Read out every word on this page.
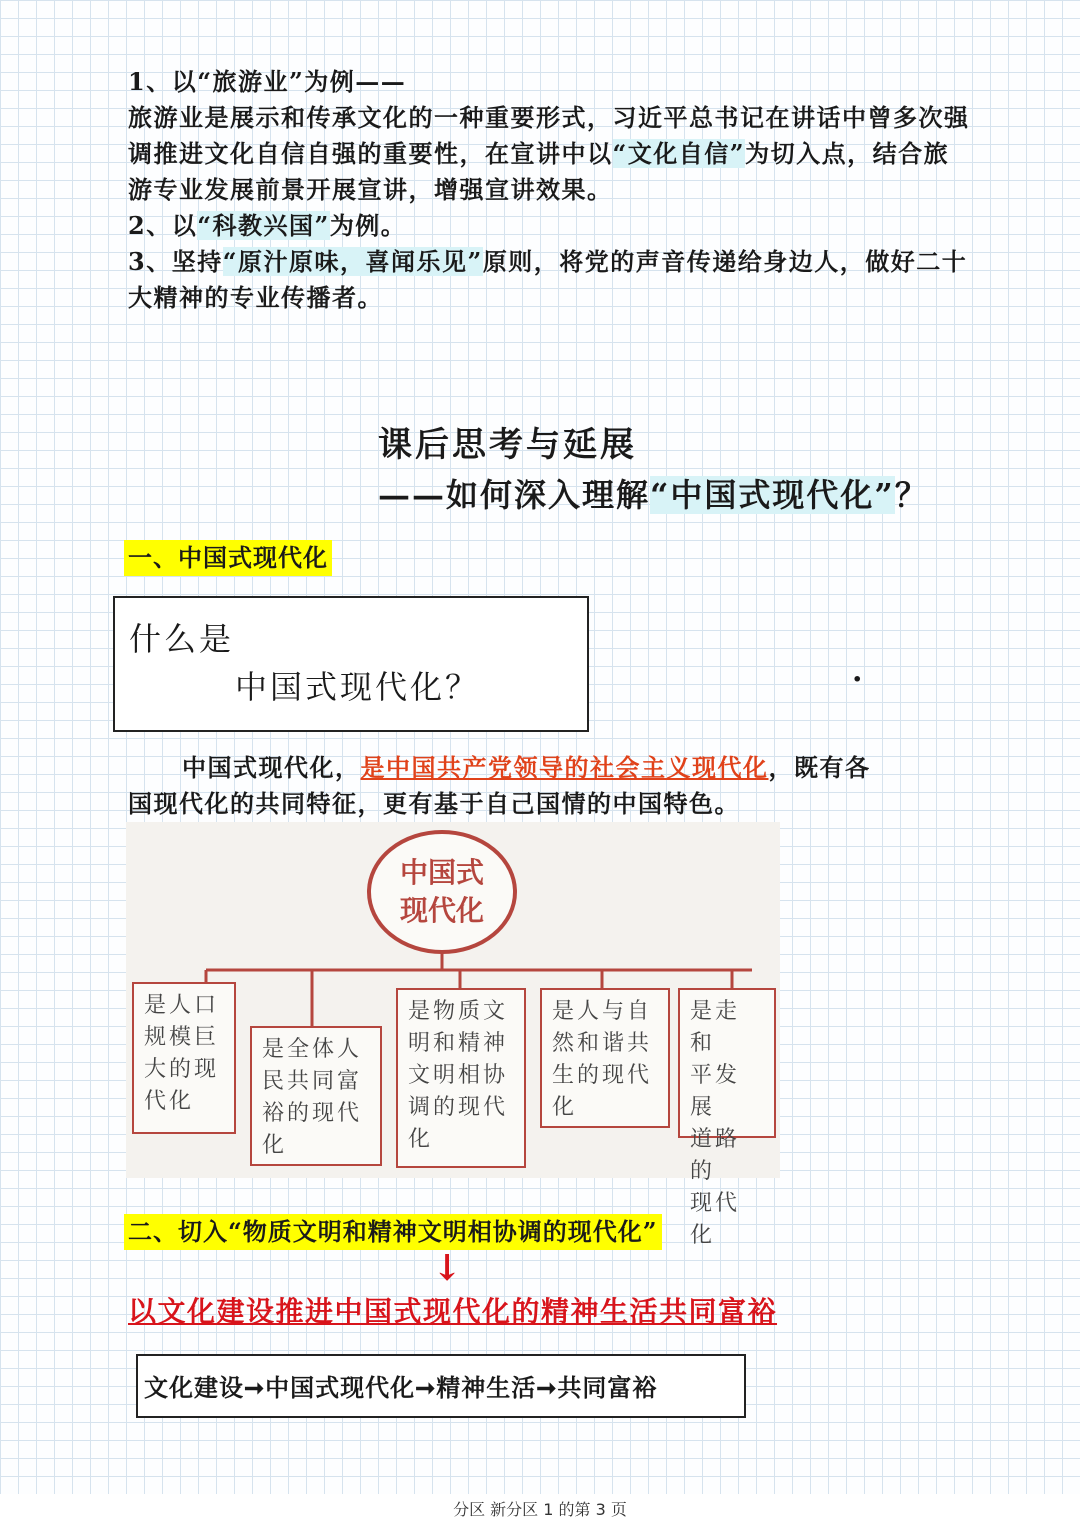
1、以“旅游业”为例——
旅游业是展示和传承文化的一种重要形式，习近平总书记在讲话中曾多次强
调推进文化自信自强的重要性，在宣讲中以“文化自信”为切入点，结合旅
游专业发展前景开展宣讲，增强宣讲效果。
2、以“科教兴国”为例。
3、坚持“原汁原味，喜闻乐见”原则，将党的声音传递给身边人，做好二十
大精神的专业传播者。
课后思考与延展
——如何深入理解“中国式现代化”？
一、中国式现代化
什么是
中国式现代化？	·
中国式现代化，是中国共产党领导的社会主义现代化，既有各
国现代化的共同特征，更有基于自己国情的中国特色。
中国式
现代化
是人口
规模巨
大的现
代化
是全体人
民共同富
裕的现代
化
是物质文
明和精神
文明相协
调的现代
化
是人与自
然和谐共
生的现代
化
是走和
平发展
道路的
现代化
二、切入“物质文明和精神文明相协调的现代化”
↓
以文化建设推进中国式现代化的精神生活共同富裕
文化建设➞中国式现代化➞精神生活➞共同富裕
分区 新分区 1 的第 3 页
